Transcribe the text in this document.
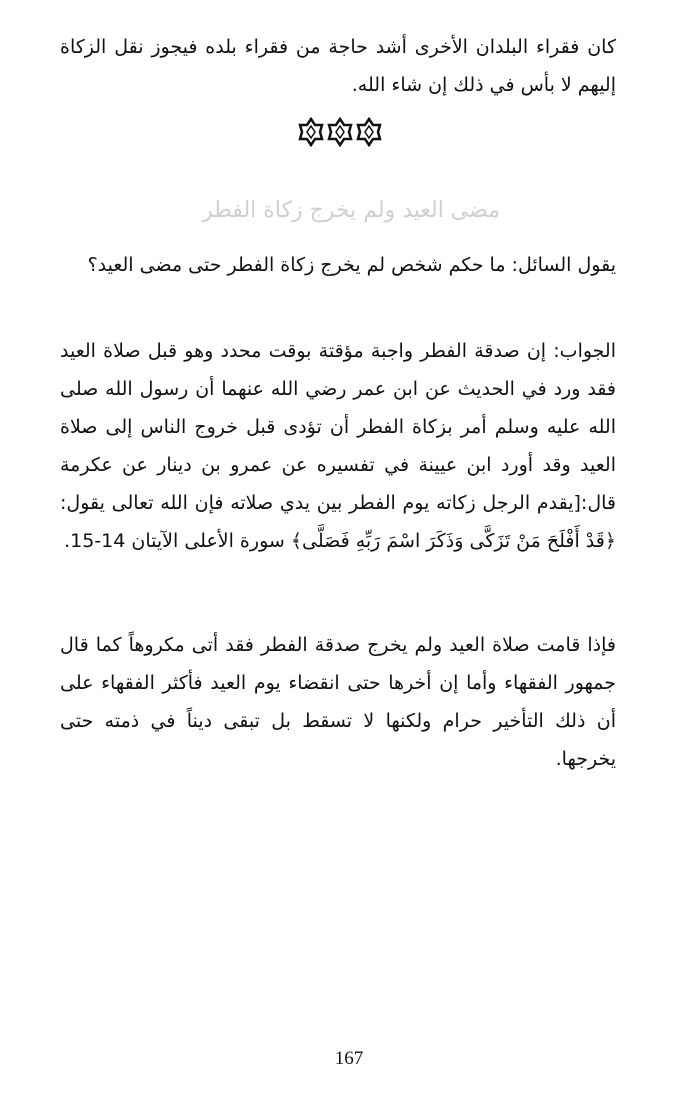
كان فقراء البلدان الأخرى أشد حاجة من فقراء بلده فيجوز نقل الزكاة إليهم لا بأس في ذلك إن شاء الله.

مضى العيد ولم يخرج زكاة الفطر

يقول السائل: ما حكم شخص لم يخرج زكاة الفطر حتى مضى العيد؟

الجواب: إن صدقة الفطر واجبة مؤقتة بوقت محدد وهو قبل صلاة العيد فقد ورد في الحديث عن ابن عمر رضي الله عنهما أن رسول الله صلى الله عليه وسلم أمر بزكاة الفطر أن تؤدى قبل خروج الناس إلى صلاة العيد وقد أورد ابن عيينة في تفسيره عن عمرو بن دينار عن عكرمة قال:[يقدم الرجل زكاته يوم الفطر بين يدي صلاته فإن الله تعالى يقول:﴿قَدْ أَفْلَحَ مَنْ تَزَكَّى وَذَكَرَ اسْمَ رَبِّهِ فَصَلَّى﴾ سورة الأعلى الآيتان 14-15.

فإذا قامت صلاة العيد ولم يخرج صدقة الفطر فقد أتى مكروهاً كما قال جمهور الفقهاء وأما إن أخرها حتى انقضاء يوم العيد فأكثر الفقهاء على أن ذلك التأخير حرام ولكنها لا تسقط بل تبقى ديناً في ذمته حتى يخرجها.

167
